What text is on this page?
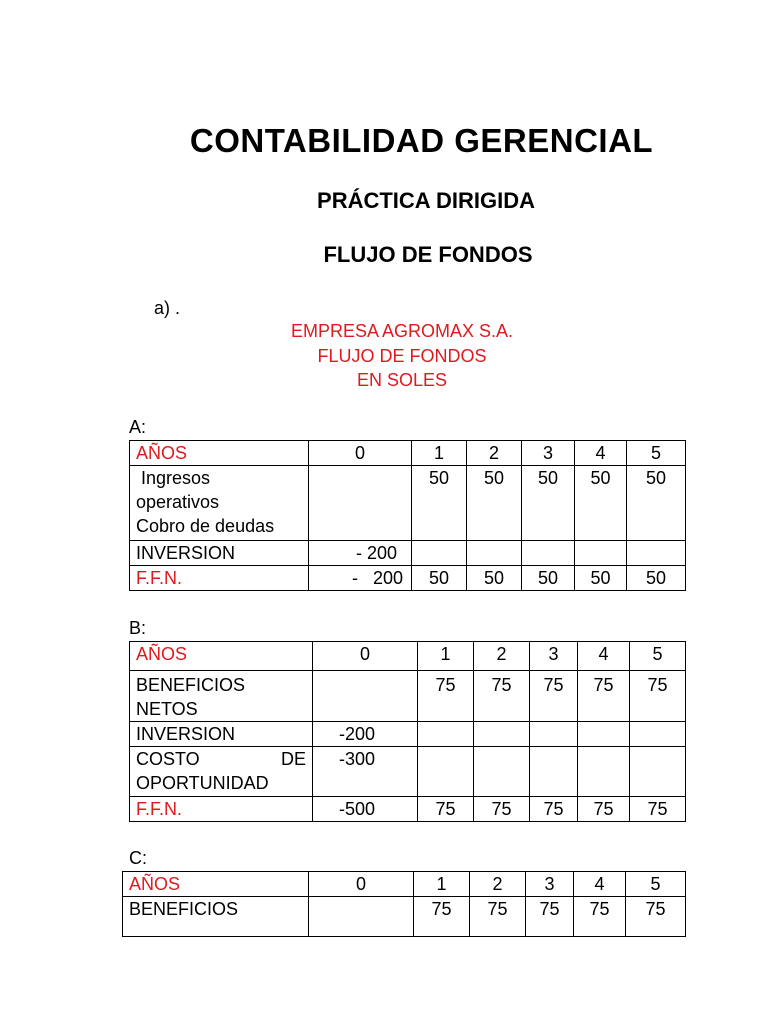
CONTABILIDAD GERENCIAL
PRÁCTICA DIRIGIDA
FLUJO DE FONDOS
a) .
EMPRESA AGROMAX S.A.
FLUJO DE FONDOS
EN SOLES
A:
AÑOS	0	1	2	3	4	5

Ingresos
operativos
Cobro de deudas		50	50	50	50	50
INVERSION	- 200					
F.F.N.	-   200	50	50	50	50	50
B:
AÑOS	0	1	2	3	4	5

BENEFICIOS
NETOS		75	75	75	75	75
INVERSION	-200					

COSTO DE
OPORTUNIDAD	-300					
F.F.N.	-500	75	75	75	75	75
C:
AÑOS	0	1	2	3	4	5
BENEFICIOS		75	75	75	75	75
